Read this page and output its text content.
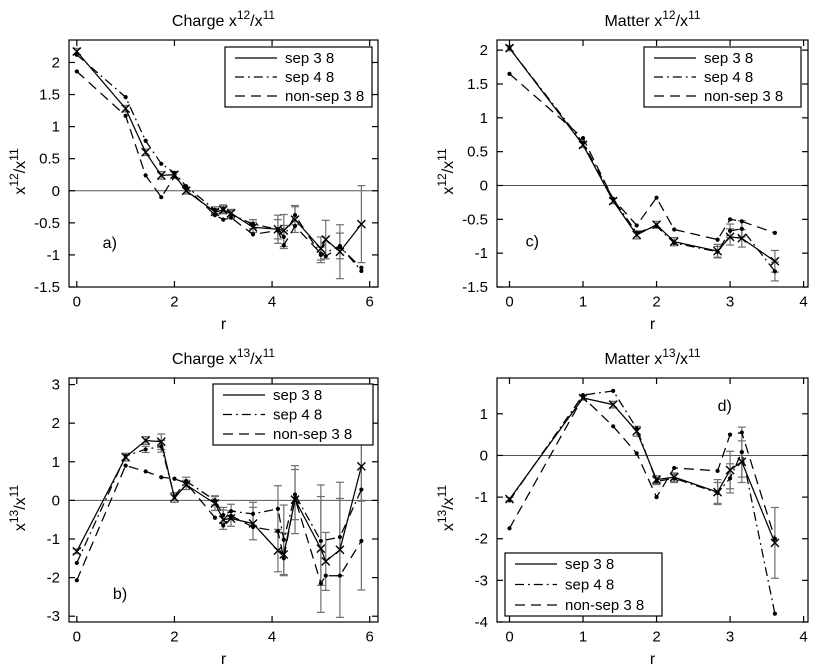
0	2	4	6
-1.5
-1
-0.5
0
0.5
1
1.5
2
Charge $x^{12}/x^{11}$
r
$x^{12}/x^{11}$
a)
sep 3 8
sep 4 8
non-sep 3 8
0	1	2	3	4
-1.5
-1
-0.5
0
0.5
1
1.5
2
Matter $x^{12}/x^{11}$
r
$x^{12}/x^{11}$
c)
sep 3 8
sep 4 8
non-sep 3 8
0	2	4	6
-3
-2
-1
0
1
2
3
Charge $x^{13}/x^{11}$
r
$x^{13}/x^{11}$
b)
sep 3 8
sep 4 8
non-sep 3 8
0	1	2	3	4
-4
-3
-2
-1
0
1
Matter $x^{13}/x^{11}$
r
$x^{13}/x^{11}$
d)
sep 3 8
sep 4 8
non-sep 3 8
